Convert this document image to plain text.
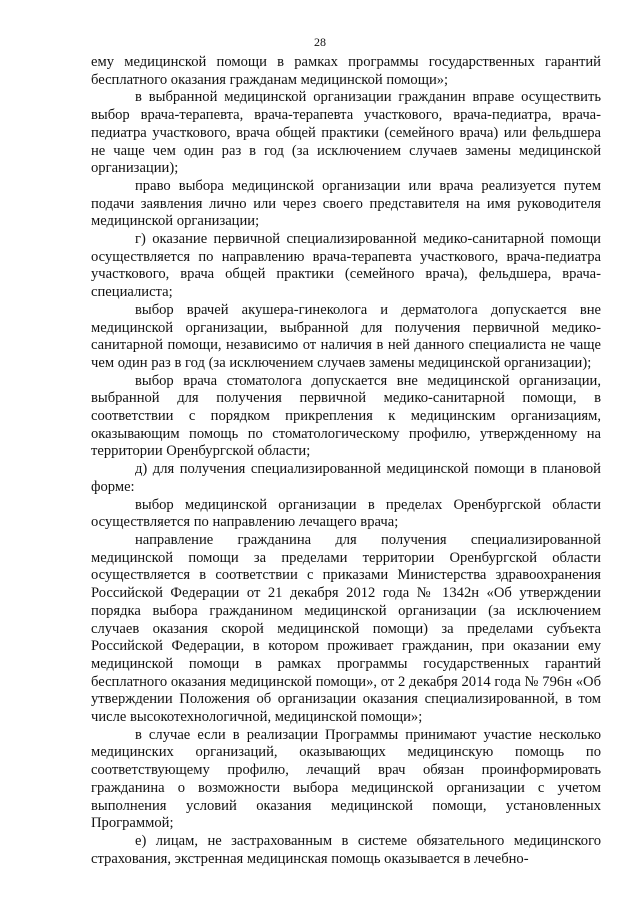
28

ему медицинской помощи в рамках программы государственных гарантий бесплатного оказания гражданам медицинской помощи»;

в выбранной медицинской организации гражданин вправе осуществить выбор врача-терапевта, врача-терапевта участкового, врача-педиатра, врача-педиатра участкового, врача общей практики (семейного врача) или фельдшера не чаще чем один раз в год (за исключением случаев замены медицинской организации);

право выбора медицинской организации или врача реализуется путем подачи заявления лично или через своего представителя на имя руководителя медицинской организации;

г) оказание первичной специализированной медико-санитарной помощи осуществляется по направлению врача-терапевта участкового, врача-педиатра участкового, врача общей практики (семейного врача), фельдшера, врача-специалиста;

выбор врачей акушера-гинеколога и дерматолога допускается вне медицинской организации, выбранной для получения первичной медико-санитарной помощи, независимо от наличия в ней данного специалиста не чаще чем один раз в год (за исключением случаев замены медицинской организации);

выбор врача стоматолога допускается вне медицинской организации, выбранной для получения первичной медико-санитарной помощи, в соответствии с порядком прикрепления к медицинским организациям, оказывающим помощь по стоматологическому профилю, утвержденному на территории Оренбургской области;

д) для получения специализированной медицинской помощи в плановой форме:

выбор медицинской организации в пределах Оренбургской области осуществляется по направлению лечащего врача;

направление гражданина для получения специализированной медицинской помощи за пределами территории Оренбургской области осуществляется в соответствии с приказами Министерства здравоохранения Российской Федерации от 21 декабря 2012 года № 1342н «Об утверждении порядка выбора гражданином медицинской организации (за исключением случаев оказания скорой медицинской помощи) за пределами субъекта Российской Федерации, в котором проживает гражданин, при оказании ему медицинской помощи в рамках программы государственных гарантий бесплатного оказания медицинской помощи», от 2 декабря 2014 года № 796н «Об утверждении Положения об организации оказания специализированной, в том числе высокотехнологичной, медицинской помощи»;

в случае если в реализации Программы принимают участие несколько медицинских организаций, оказывающих медицинскую помощь по соответствующему профилю, лечащий врач обязан проинформировать гражданина о возможности выбора медицинской организации с учетом выполнения условий оказания медицинской помощи, установленных Программой;

е) лицам, не застрахованным в системе обязательного медицинского страхования, экстренная медицинская помощь оказывается в лечебно-
